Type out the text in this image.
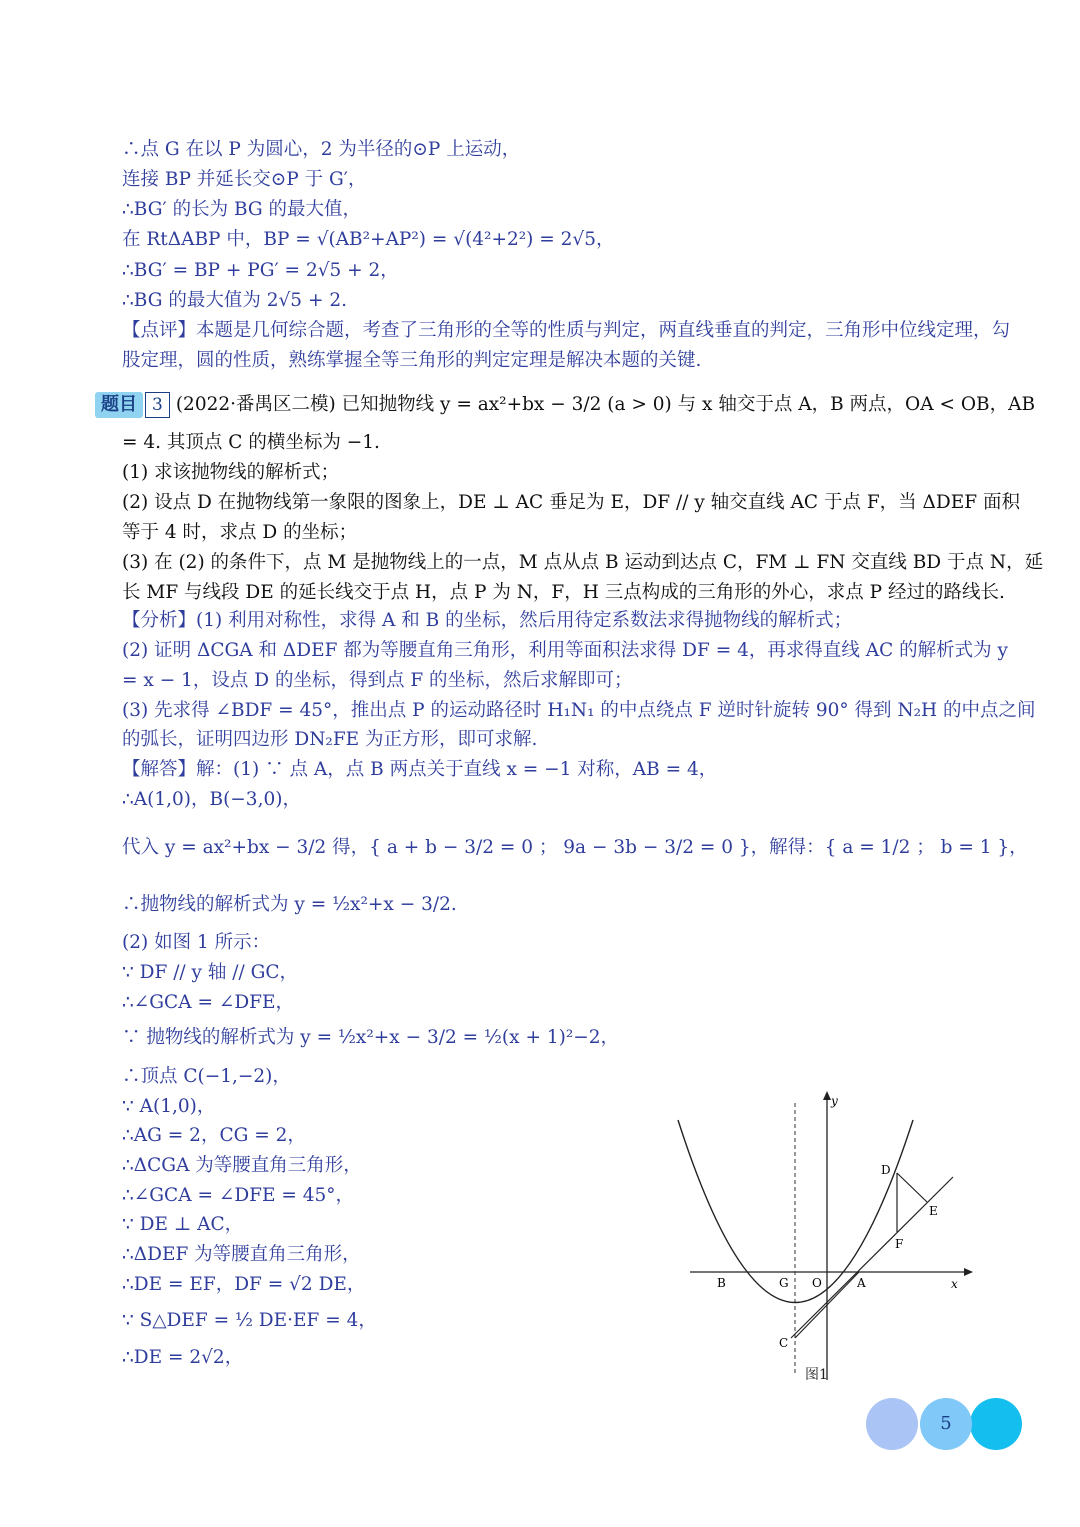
∴点 G 在以 P 为圆心，2 为半径的⊙P 上运动，
连接 BP 并延长交⊙P 于 G′，
∴BG′ 的长为 BG 的最大值，
在 RtΔABP 中，BP = √(AB²+AP²) = √(4²+2²) = 2√5，
∴BG′ = BP + PG′ = 2√5 + 2，
∴BG 的最大值为 2√5 + 2.
【点评】本题是几何综合题，考查了三角形的全等的性质与判定，两直线垂直的判定，三角形中位线定理，勾
股定理，圆的性质，熟练掌握全等三角形的判定定理是解决本题的关键.
题目 3 (2022·番禺区二模) 已知抛物线 y = ax²+bx − 3/2 (a > 0) 与 x 轴交于点 A，B 两点，OA < OB，AB
= 4. 其顶点 C 的横坐标为 −1.
(1) 求该抛物线的解析式；
(2) 设点 D 在抛物线第一象限的图象上，DE ⊥ AC 垂足为 E，DF // y 轴交直线 AC 于点 F，当 ΔDEF 面积
等于 4 时，求点 D 的坐标；
(3) 在 (2) 的条件下，点 M 是抛物线上的一点，M 点从点 B 运动到达点 C，FM ⊥ FN 交直线 BD 于点 N，延
长 MF 与线段 DE 的延长线交于点 H，点 P 为 N，F，H 三点构成的三角形的外心，求点 P 经过的路线长.
【分析】(1) 利用对称性，求得 A 和 B 的坐标，然后用待定系数法求得抛物线的解析式；
(2) 证明 ΔCGA 和 ΔDEF 都为等腰直角三角形，利用等面积法求得 DF = 4，再求得直线 AC 的解析式为 y
= x − 1，设点 D 的坐标，得到点 F 的坐标，然后求解即可；
(3) 先求得 ∠BDF = 45°，推出点 P 的运动路径时 H₁N₁ 的中点绕点 F 逆时针旋转 90° 得到 N₂H 的中点之间
的弧长，证明四边形 DN₂FE 为正方形，即可求解.
【解答】解：(1) ∵ 点 A，点 B 两点关于直线 x = −1 对称，AB = 4，
∴A(1,0)，B(−3,0)，
代入 y = ax²+bx − 3/2 得，{ a + b − 3/2 = 0 ； 9a − 3b − 3/2 = 0 }，解得：{ a = 1/2 ； b = 1 }，
∴抛物线的解析式为 y = ½x²+x − 3/2.
(2) 如图 1 所示：
∵ DF // y 轴 // GC，
∴∠GCA = ∠DFE，
∵ 抛物线的解析式为 y = ½x²+x − 3/2 = ½(x + 1)²−2，
∴顶点 C(−1,−2)，
∵ A(1,0)，
∴AG = 2，CG = 2，
∴ΔCGA 为等腰直角三角形，
∴∠GCA = ∠DFE = 45°，
∵ DE ⊥ AC，
∴ΔDEF 为等腰直角三角形，
∴DE = EF，DF = √2 DE，
∵ S△DEF = ½ DE·EF = 4，
∴DE = 2√2，
y
x
B	G O	A
C
D
E
F
图1
5
